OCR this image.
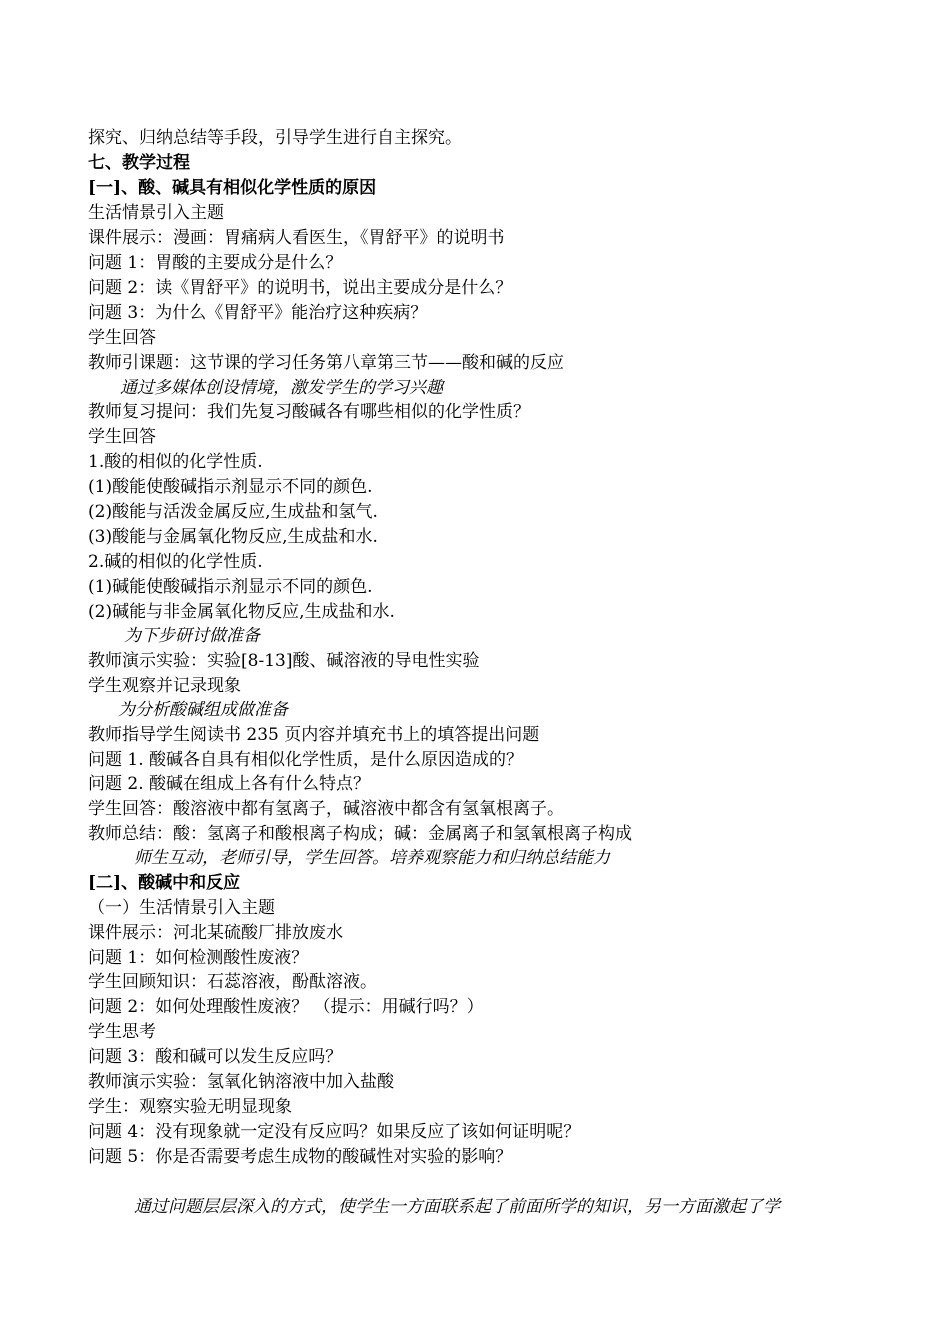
探究、归纳总结等手段，引导学生进行自主探究。
七、教学过程
[一]、酸、碱具有相似化学性质的原因
生活情景引入主题
课件展示：漫画：胃痛病人看医生，《胃舒平》的说明书
问题 1：胃酸的主要成分是什么？
问题 2：读《胃舒平》的说明书，说出主要成分是什么？
问题 3：为什么《胃舒平》能治疗这种疾病？
学生回答
教师引课题：这节课的学习任务第八章第三节——酸和碱的反应
通过多媒体创设情境，激发学生的学习兴趣
教师复习提问：我们先复习酸碱各有哪些相似的化学性质？
学生回答
1.酸的相似的化学性质.
(1)酸能使酸碱指示剂显示不同的颜色.
(2)酸能与活泼金属反应,生成盐和氢气.
(3)酸能与金属氧化物反应,生成盐和水.
2.碱的相似的化学性质.
(1)碱能使酸碱指示剂显示不同的颜色.
(2)碱能与非金属氧化物反应,生成盐和水.
为下步研讨做准备
教师演示实验：实验[8-13]酸、碱溶液的导电性实验
学生观察并记录现象
为分析酸碱组成做准备
教师指导学生阅读书 235 页内容并填充书上的填答提出问题
问题 1. 酸碱各自具有相似化学性质，是什么原因造成的？
问题 2. 酸碱在组成上各有什么特点？
学生回答：酸溶液中都有氢离子，碱溶液中都含有氢氧根离子。
教师总结：酸：氢离子和酸根离子构成；碱：金属离子和氢氧根离子构成
师生互动，老师引导，学生回答。培养观察能力和归纳总结能力
[二]、酸碱中和反应
（一）生活情景引入主题
课件展示：河北某硫酸厂排放废水
问题 1：如何检测酸性废液？
学生回顾知识：石蕊溶液，酚酞溶液。
问题 2：如何处理酸性废液？ （提示：用碱行吗？）
学生思考
问题 3：酸和碱可以发生反应吗？
教师演示实验：氢氧化钠溶液中加入盐酸
学生：观察实验无明显现象
问题 4：没有现象就一定没有反应吗？如果反应了该如何证明呢？
问题 5：你是否需要考虑生成物的酸碱性对实验的影响？
通过问题层层深入的方式，使学生一方面联系起了前面所学的知识，另一方面激起了学
